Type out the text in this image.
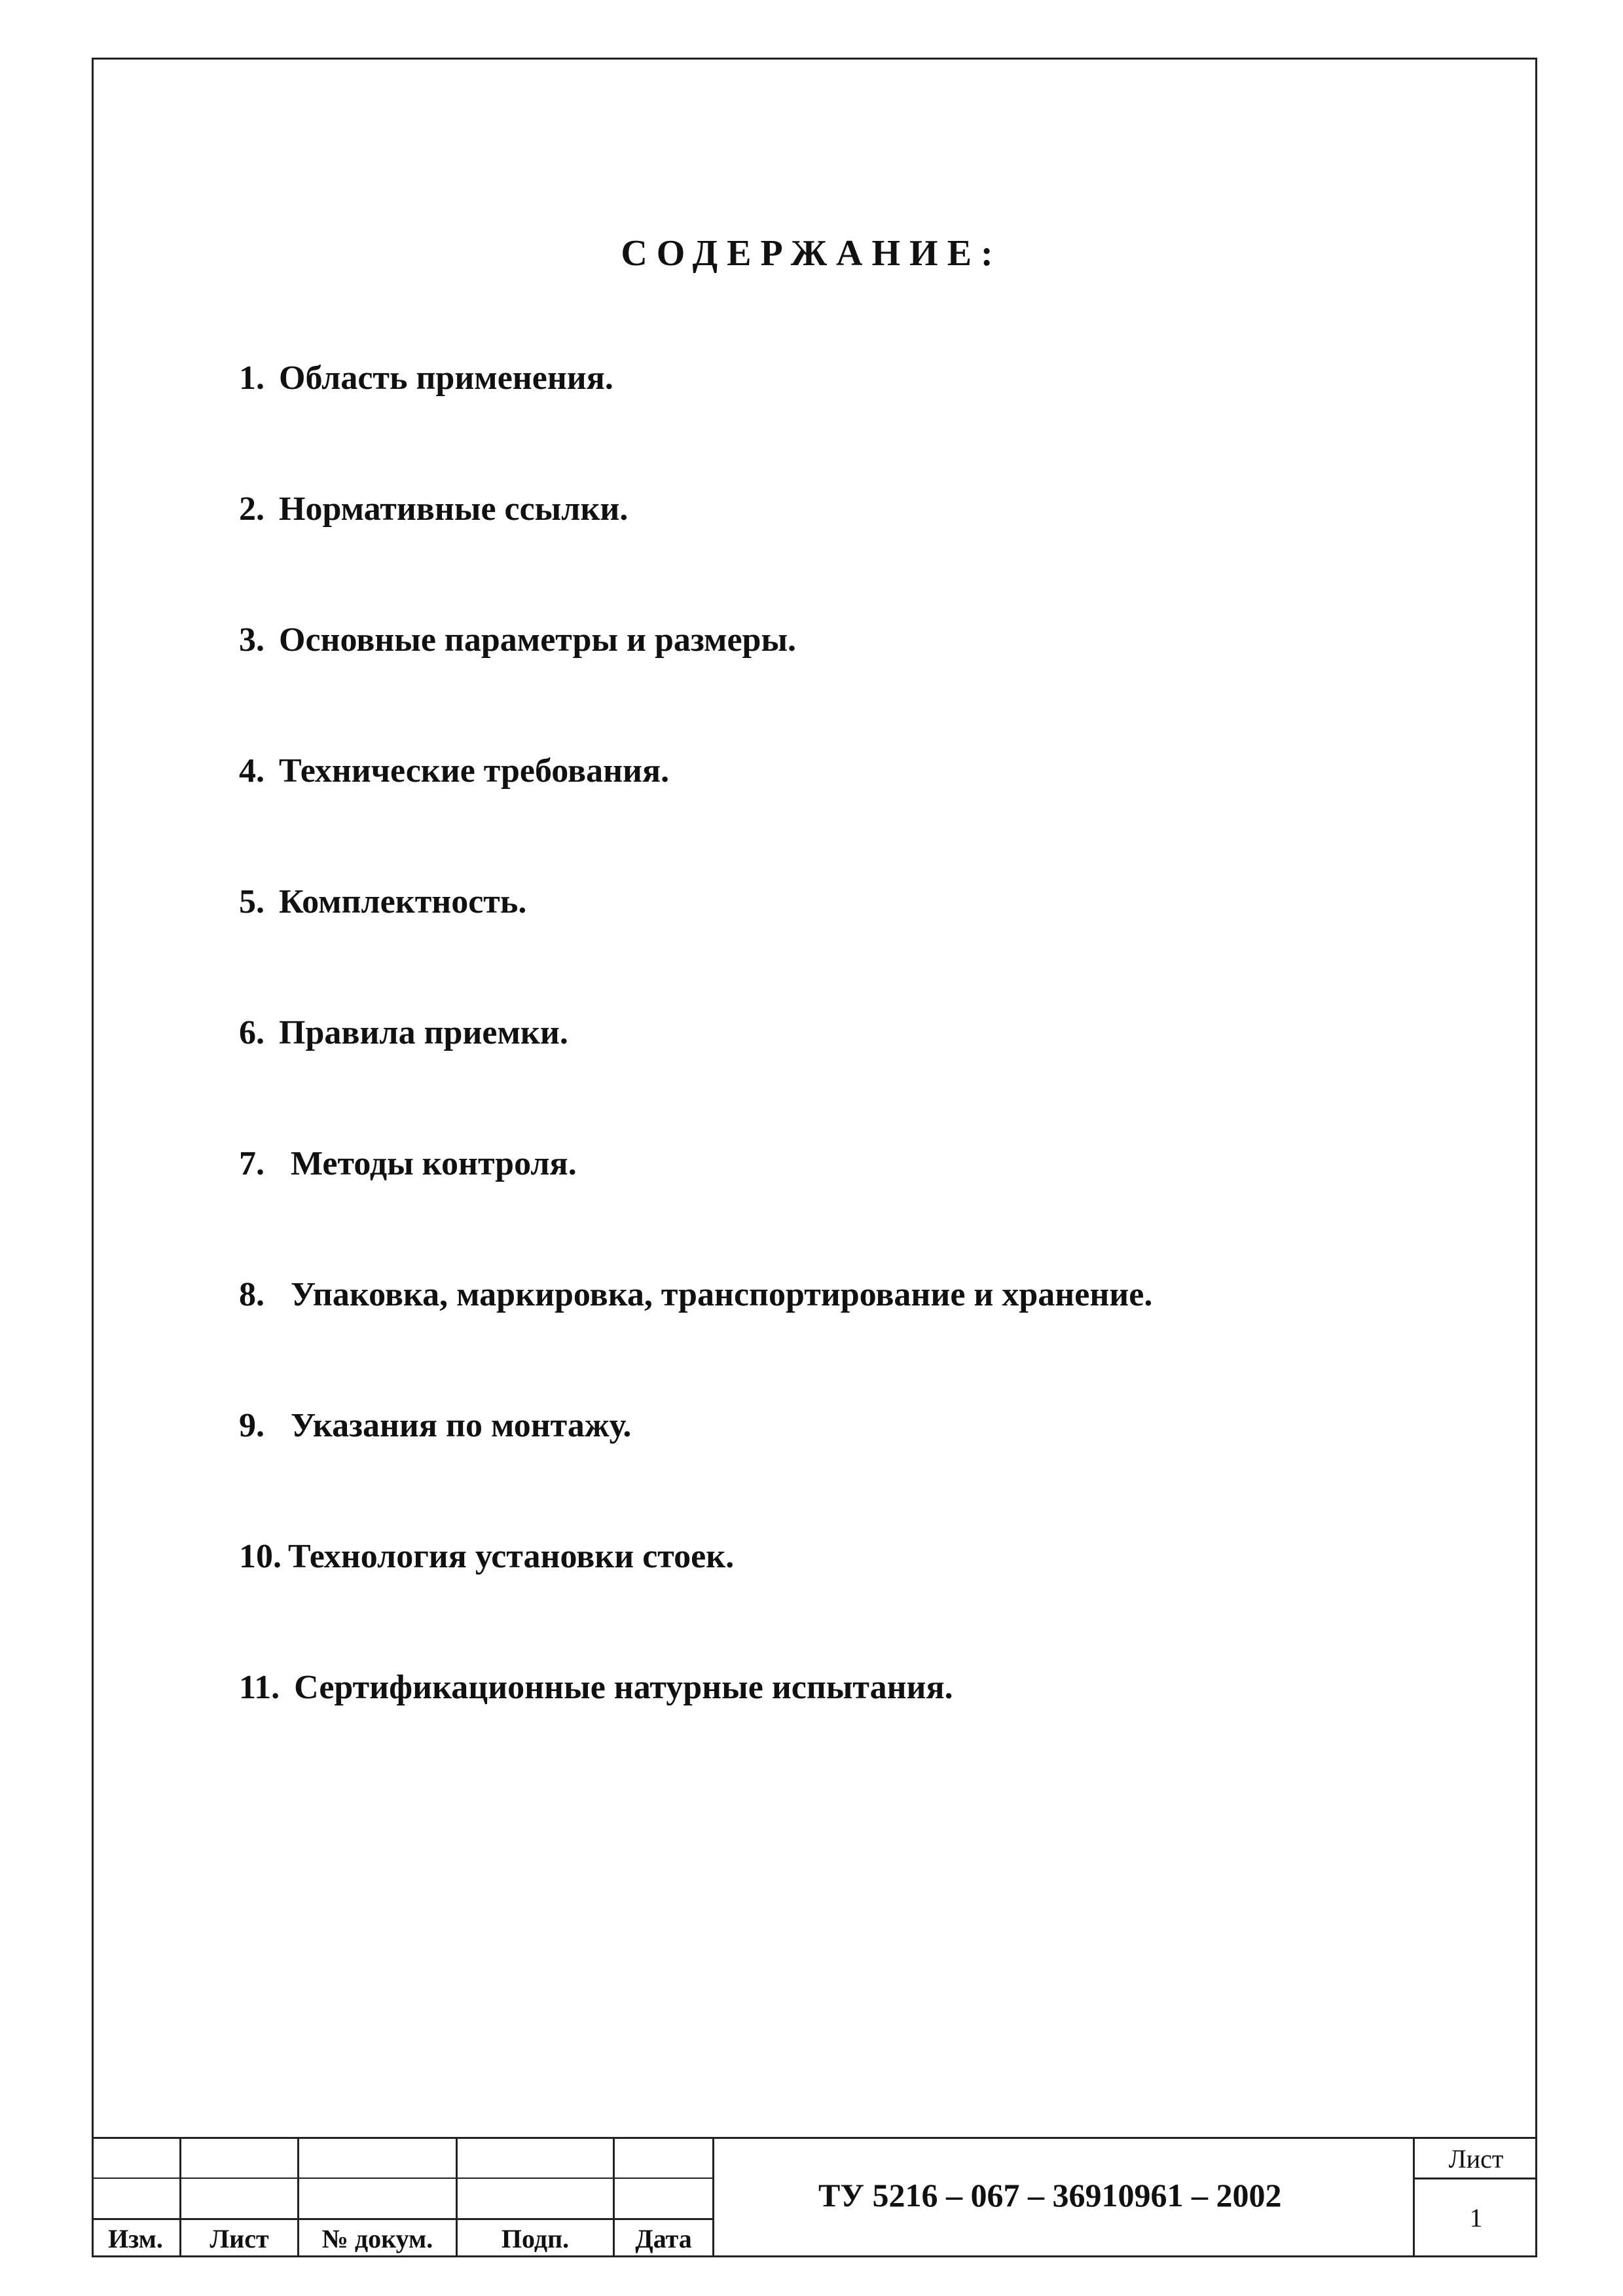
СОДЕРЖАНИЕ:
1. Область применения.
2. Нормативные ссылки.
3. Основные параметры и размеры.
4. Технические требования.
5. Комплектность.
6. Правила приемки.
7. Методы контроля.
8. Упаковка, маркировка, транспортирование и хранение.
9. Указания по монтажу.
10. Технология установки стоек.
11. Сертификационные натурные испытания.
Изм.	Лист	№ докум.	Подп.	Дата
ТУ 5216 – 067 – 36910961 – 2002
Лист
1
